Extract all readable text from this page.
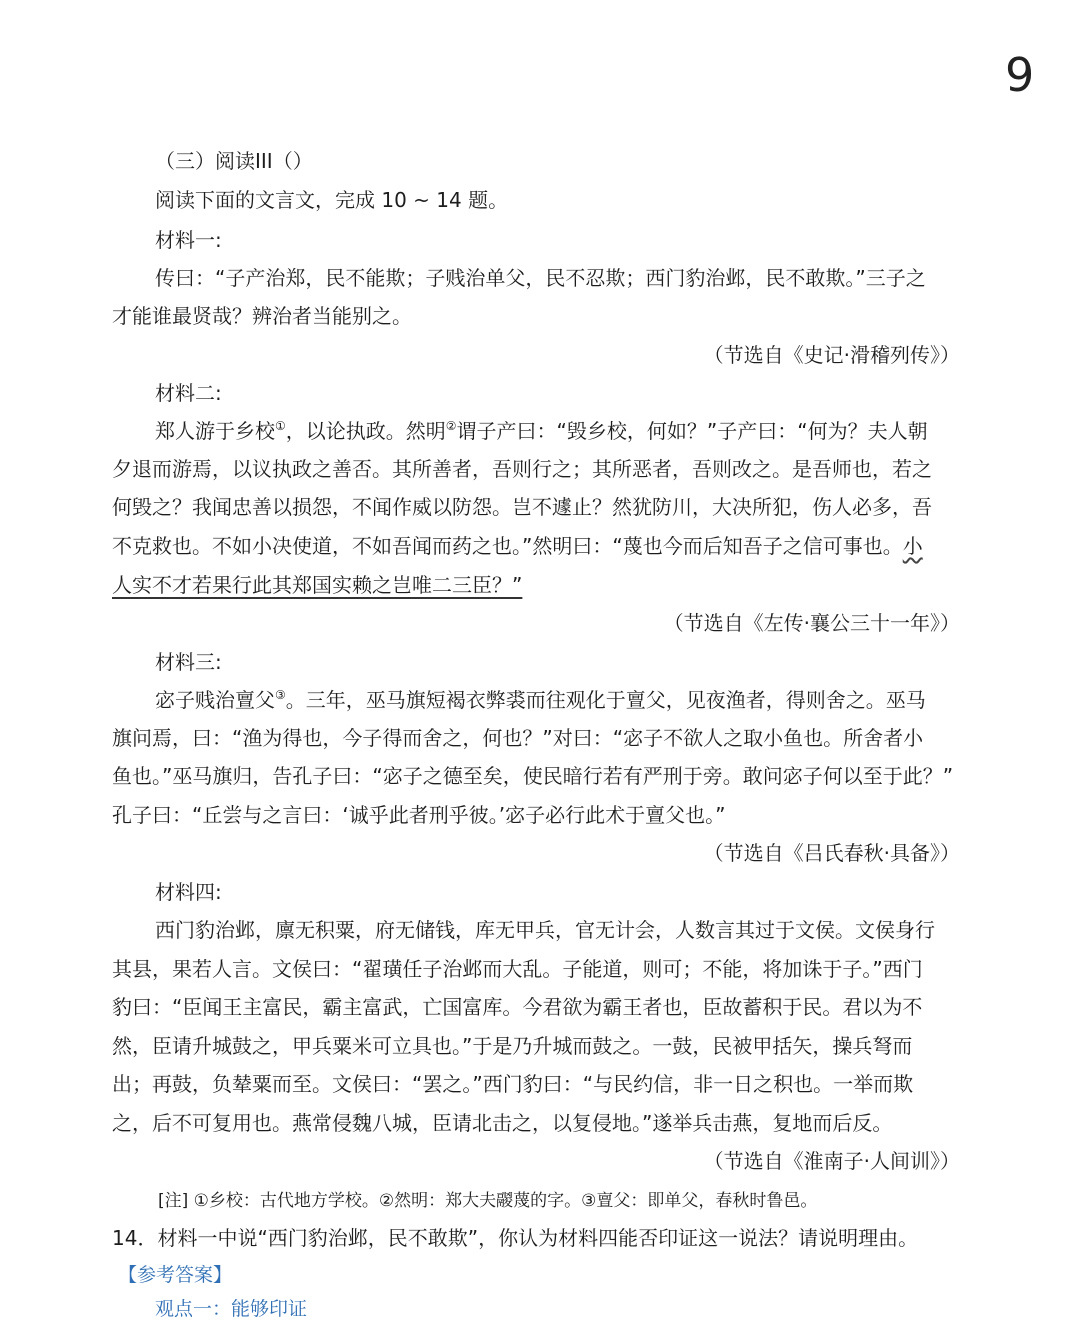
9
（三）阅读III（）
阅读下面的文言文，完成 10 ~ 14 题。
材料一:
传曰：“子产治郑，民不能欺；子贱治单父，民不忍欺；西门豹治邺，民不敢欺。”三子之
才能谁最贤哉？辨治者当能别之。
（节选自《史记·滑稽列传》）
材料二:
郑人游于乡校①，以论执政。然明②谓子产曰：“毁乡校，何如？”子产曰：“何为？夫人朝
夕退而游焉，以议执政之善否。其所善者，吾则行之；其所恶者，吾则改之。是吾师也，若之
何毁之？我闻忠善以损怨，不闻作威以防怨。岂不遽止？然犹防川，大决所犯，伤人必多，吾
不克救也。不如小决使道，不如吾闻而药之也。”然明曰：“蔑也今而后知吾子之信可事也。小
人实不才若果行此其郑国实赖之岂唯二三臣？”
（节选自《左传·襄公三十一年》）
材料三:
宓子贱治亶父③。三年，巫马旗短褐衣弊裘而往观化于亶父，见夜渔者，得则舍之。巫马
旗问焉，曰：“渔为得也，今子得而舍之，何也？”对曰：“宓子不欲人之取小鱼也。所舍者小
鱼也。”巫马旗归，告孔子曰：“宓子之德至矣，使民暗行若有严刑于旁。敢问宓子何以至于此？”
孔子曰：“丘尝与之言曰：‘诚乎此者刑乎彼。’宓子必行此术于亶父也。”
（节选自《吕氏春秋·具备》）
材料四:
西门豹治邺，廪无积粟，府无储钱，库无甲兵，官无计会，人数言其过于文侯。文侯身行
其县，果若人言。文侯曰：“翟璜任子治邺而大乱。子能道，则可；不能，将加诛于子。”西门
豹曰：“臣闻王主富民，霸主富武，亡国富库。今君欲为霸王者也，臣故蓄积于民。君以为不
然，臣请升城鼓之，甲兵粟米可立具也。”于是乃升城而鼓之。一鼓，民被甲括矢，操兵弩而
出；再鼓，负辇粟而至。文侯曰：“罢之。”西门豹曰：“与民约信，非一日之积也。一举而欺
之，后不可复用也。燕常侵魏八城，臣请北击之，以复侵地。”遂举兵击燕，复地而后反。
（节选自《淮南子·人间训》）
[注] ①乡校：古代地方学校。②然明：郑大夫鬷蔑的字。③亶父：即单父，春秋时鲁邑。
14．材料一中说“西门豹治邺，民不敢欺”，你认为材料四能否印证这一说法？请说明理由。
【参考答案】
观点一：能够印证
